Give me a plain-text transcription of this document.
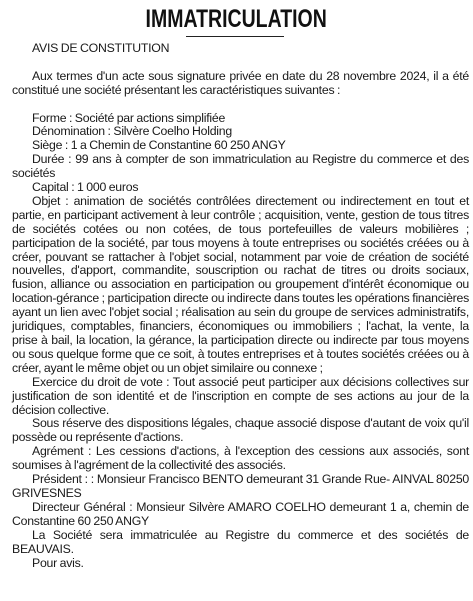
IMMATRICULATION

AVIS DE CONSTITUTION

Aux termes d'un acte sous signature privée en date du 28 novembre 2024, il a été constitué une société présentant les caractéristiques suivantes :

Forme : Société par actions simplifiée

Dénomination : Silvère Coelho Holding

Siège : 1 a Chemin de Constantine 60 250 ANGY

Durée : 99 ans à compter de son immatriculation au Registre du commerce et des sociétés

Capital : 1 000 euros

Objet : animation de sociétés contrôlées directement ou indirectement en tout et partie, en participant activement à leur contrôle ; acquisition, vente, gestion de tous titres de sociétés cotées ou non cotées, de tous portefeuilles de valeurs mobilières ; participation de la société, par tous moyens à toute entreprises ou sociétés créées ou à créer, pouvant se rattacher à l'objet social, notamment par voie de création de société nouvelles, d'apport, commandite, souscription ou rachat de titres ou droits sociaux, fusion, alliance ou association en participation ou groupement d'intérêt économique ou location-gérance ; participation directe ou indirecte dans toutes les opérations financières ayant un lien avec l'objet social ; réalisation au sein du groupe de services administratifs, juridiques, comptables, financiers, économiques ou immobiliers ; l'achat, la vente, la prise à bail, la location, la gérance, la participation directe ou indirecte par tous moyens ou sous quelque forme que ce soit, à toutes entreprises et à toutes sociétés créées ou à créer, ayant le même objet ou un objet similaire ou connexe ;

Exercice du droit de vote : Tout associé peut participer aux décisions collectives sur justification de son identité et de l'inscription en compte de ses actions au jour de la décision collective.

Sous réserve des dispositions légales, chaque associé dispose d'autant de voix qu'il possède ou représente d'actions.

Agrément : Les cessions d'actions, à l'exception des cessions aux associés, sont soumises à l'agrément de la collectivité des associés.

Président : : Monsieur Francisco BENTO demeurant 31 Grande Rue- AINVAL 80250 GRIVESNES

Directeur Général : Monsieur Silvère AMARO COELHO demeurant 1 a, chemin de Constantine 60 250 ANGY

La Société sera immatriculée au Registre du commerce et des sociétés de BEAUVAIS.

Pour avis.
